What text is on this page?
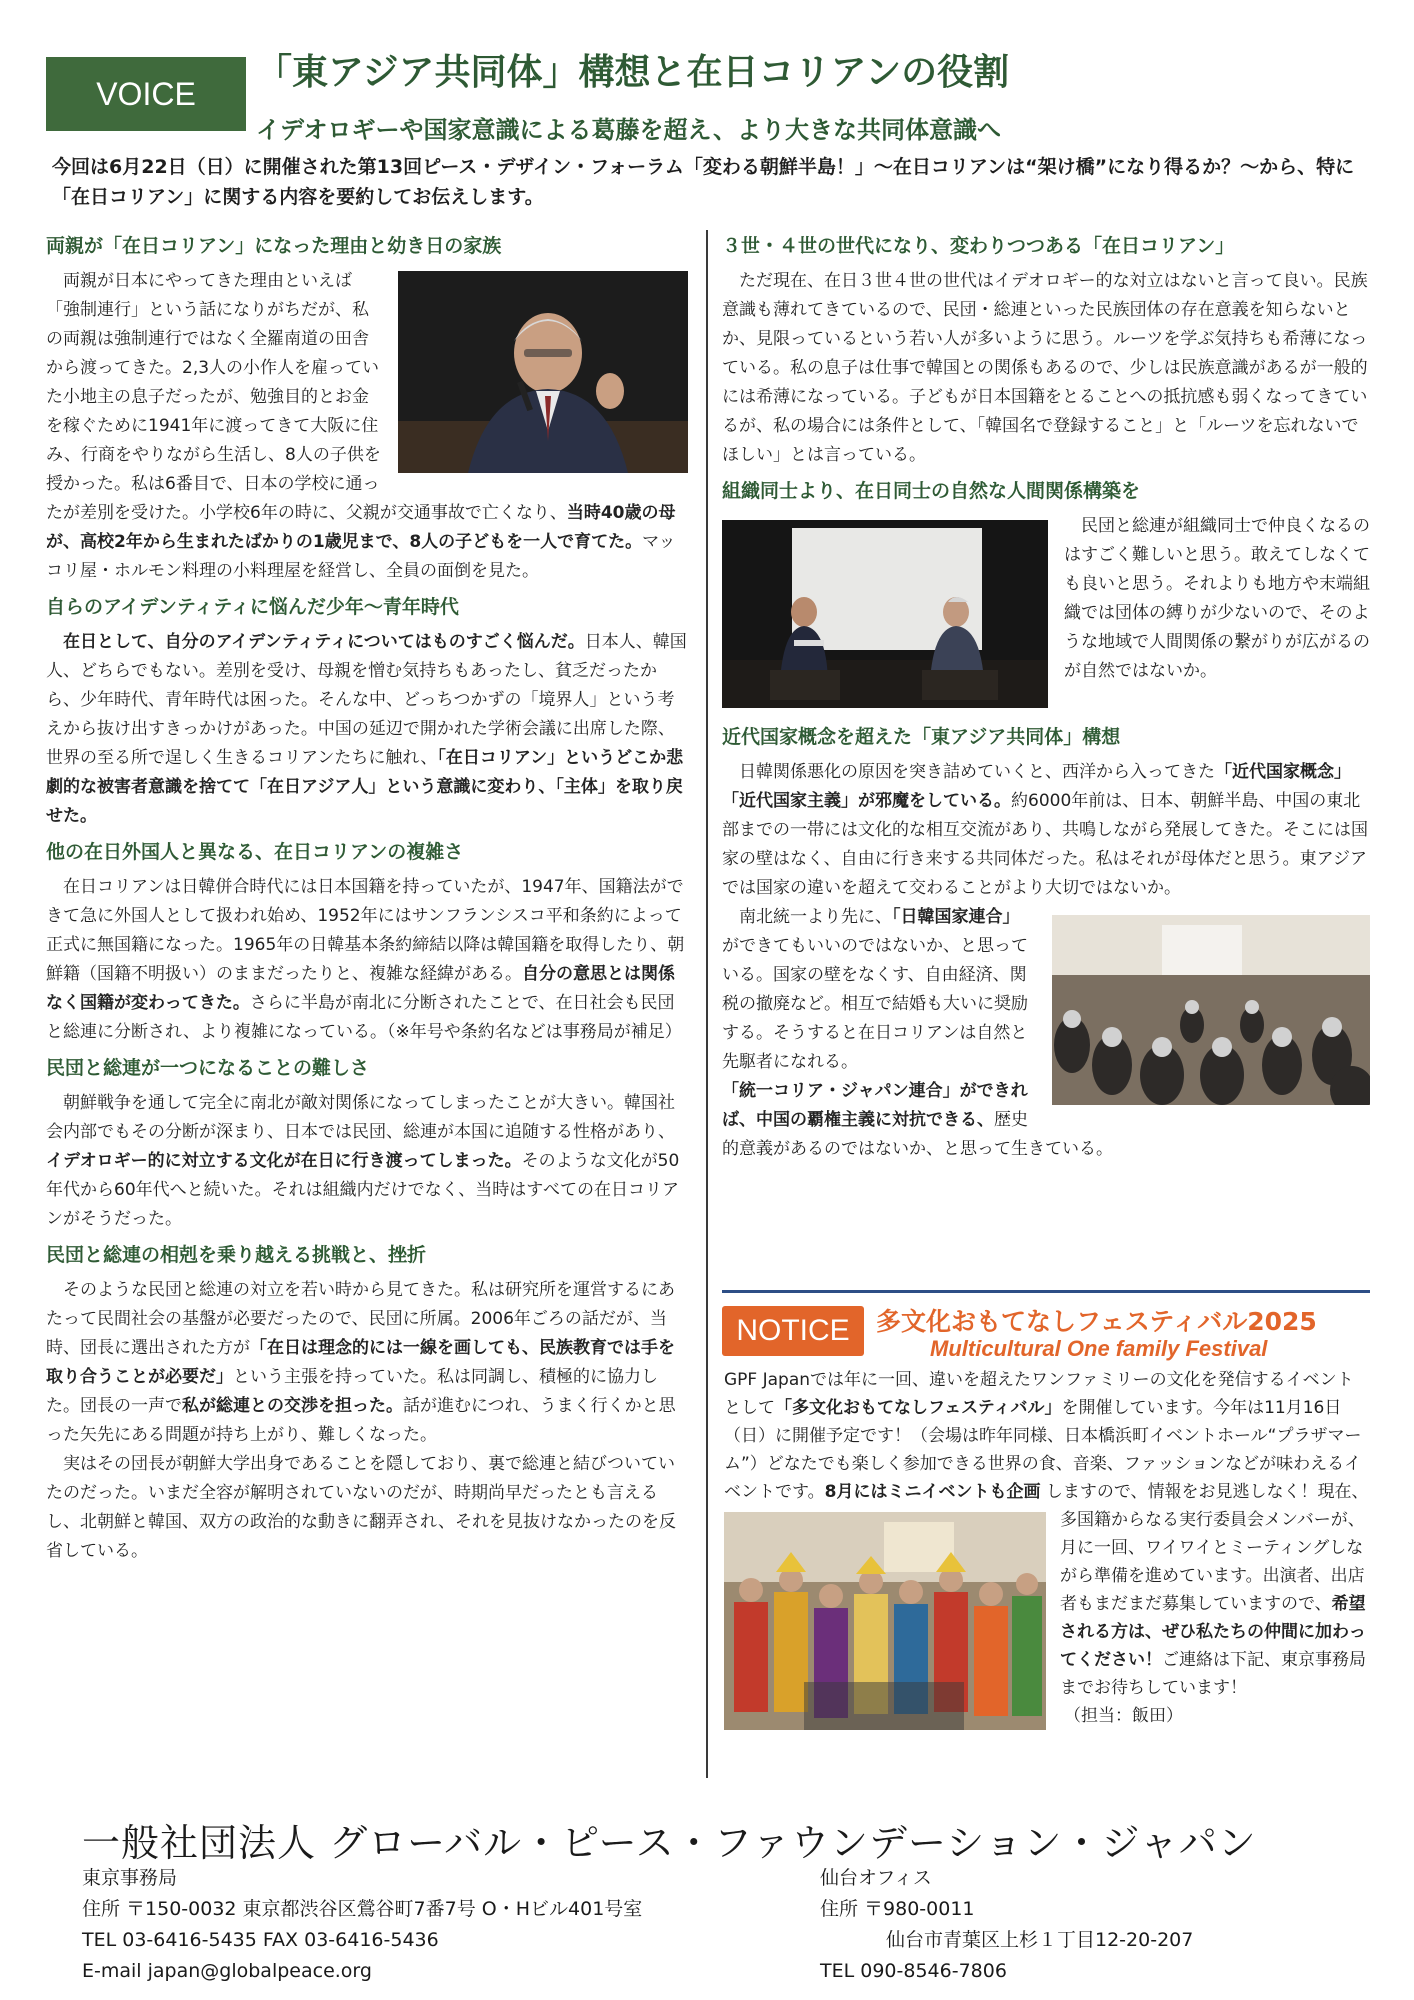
VOICE
「東アジア共同体」構想と在日コリアンの役割
イデオロギーや国家意識による葛藤を超え、より大きな共同体意識へ
今回は6月22日（日）に開催された第13回ピース・デザイン・フォーラム「変わる朝鮮半島！」～在日コリアンは“架け橋”になり得るか？～から、特に「在日コリアン」に関する内容を要約してお伝えします。
両親が「在日コリアン」になった理由と幼き日の家族

両親が日本にやってきた理由といえば「強制連行」という話になりがちだが、私の両親は強制連行ではなく全羅南道の田舎から渡ってきた。2,3人の小作人を雇っていた小地主の息子だったが、勉強目的とお金を稼ぐために1941年に渡ってきて大阪に住み、行商をやりながら生活し、8人の子供を授かった。私は6番目で、日本の学校に通ったが差別を受けた。小学校6年の時に、父親が交通事故で亡くなり、当時40歳の母が、高校2年から生まれたばかりの1歳児まで、8人の子どもを一人で育てた。マッコリ屋・ホルモン料理の小料理屋を経営し、全員の面倒を見た。

自らのアイデンティティに悩んだ少年～青年時代

在日として、自分のアイデンティティについてはものすごく悩んだ。日本人、韓国人、どちらでもない。差別を受け、母親を憎む気持ちもあったし、貧乏だったから、少年時代、青年時代は困った。そんな中、どっちつかずの「境界人」という考えから抜け出すきっかけがあった。中国の延辺で開かれた学術会議に出席した際、世界の至る所で逞しく生きるコリアンたちに触れ、「在日コリアン」というどこか悲劇的な被害者意識を捨てて「在日アジア人」という意識に変わり、「主体」を取り戻せた。

他の在日外国人と異なる、在日コリアンの複雑さ

在日コリアンは日韓併合時代には日本国籍を持っていたが、1947年、国籍法ができて急に外国人として扱われ始め、1952年にはサンフランシスコ平和条約によって正式に無国籍になった。1965年の日韓基本条約締結以降は韓国籍を取得したり、朝鮮籍（国籍不明扱い）のままだったりと、複雑な経緯がある。自分の意思とは関係なく国籍が変わってきた。さらに半島が南北に分断されたことで、在日社会も民団と総連に分断され、より複雑になっている。（※年号や条約名などは事務局が補足）

民団と総連が一つになることの難しさ

朝鮮戦争を通して完全に南北が敵対関係になってしまったことが大きい。韓国社会内部でもその分断が深まり、日本では民団、総連が本国に追随する性格があり、イデオロギー的に対立する文化が在日に行き渡ってしまった。そのような文化が50年代から60年代へと続いた。それは組織内だけでなく、当時はすべての在日コリアンがそうだった。

民団と総連の相剋を乗り越える挑戦と、挫折

そのような民団と総連の対立を若い時から見てきた。私は研究所を運営するにあたって民間社会の基盤が必要だったので、民団に所属。2006年ごろの話だが、当時、団長に選出された方が「在日は理念的には一線を画しても、民族教育では手を取り合うことが必要だ」という主張を持っていた。私は同調し、積極的に協力した。団長の一声で私が総連との交渉を担った。話が進むにつれ、うまく行くかと思った矢先にある問題が持ち上がり、難しくなった。

実はその団長が朝鮮大学出身であることを隠しており、裏で総連と結びついていたのだった。いまだ全容が解明されていないのだが、時期尚早だったとも言えるし、北朝鮮と韓国、双方の政治的な動きに翻弄され、それを見抜けなかったのを反省している。

３世・４世の世代になり、変わりつつある「在日コリアン」

ただ現在、在日３世４世の世代はイデオロギー的な対立はないと言って良い。民族意識も薄れてきているので、民団・総連といった民族団体の存在意義を知らないとか、見限っているという若い人が多いように思う。ルーツを学ぶ気持ちも希薄になっている。私の息子は仕事で韓国との関係もあるので、少しは民族意識があるが一般的には希薄になっている。子どもが日本国籍をとることへの抵抗感も弱くなってきているが、私の場合には条件として、「韓国名で登録すること」と「ルーツを忘れないでほしい」とは言っている。

組織同士より、在日同士の自然な人間関係構築を

民団と総連が組織同士で仲良くなるのはすごく難しいと思う。敢えてしなくても良いと思う。それよりも地方や末端組織では団体の縛りが少ないので、そのような地域で人間関係の繋がりが広がるのが自然ではないか。

近代国家概念を超えた「東アジア共同体」構想

日韓関係悪化の原因を突き詰めていくと、西洋から入ってきた「近代国家概念」「近代国家主義」が邪魔をしている。約6000年前は、日本、朝鮮半島、中国の東北部までの一帯には文化的な相互交流があり、共鳴しながら発展してきた。そこには国家の壁はなく、自由に行き来する共同体だった。私はそれが母体だと思う。東アジアでは国家の違いを超えて交わることがより大切ではないか。

南北統一より先に、「日韓国家連合」ができてもいいのではないか、と思っている。国家の壁をなくす、自由経済、関税の撤廃など。相互で結婚も大いに奨励する。そうすると在日コリアンは自然と先駆者になれる。
「統一コリア・ジャパン連合」ができれば、中国の覇権主義に対抗できる、歴史的意義があるのではないか、と思って生きている。

NOTICE	多文化おもてなしフェスティバル2025
Multicultural One family Festival
GPF Japanでは年に一回、違いを超えたワンファミリーの文化を発信するイベントとして「多文化おもてなしフェスティバル」を開催しています。今年は11月16日（日）に開催予定です！（会場は昨年同様、日本橋浜町イベントホール“プラザマーム”）どなたでも楽しく参加できる世界の食、音楽、ファッションなどが味わえるイベントです。8月にはミニイベントも企画 しますので、情報をお見逃しなく！現在、多国籍からなる実行委員会メンバーが、月に一回、ワイワイとミーティングしながら準備を進めています。出演者、出店者もまだまだ募集していますので、希望される方は、ぜひ私たちの仲間に加わってください！ご連絡は下記、東京事務局までお待ちしています！
（担当：飯田）
一般社団法人 グローバル・ピース・ファウンデーション・ジャパン
東京事務局
住所 〒150-0032 東京都渋谷区鶯谷町7番7号 O・Hビル401号室
TEL 03-6416-5435 FAX 03-6416-5436
E-mail japan@globalpeace.org
仙台オフィス
住所 〒980-0011
仙台市青葉区上杉１丁目12-20-207
TEL 090-8546-7806
